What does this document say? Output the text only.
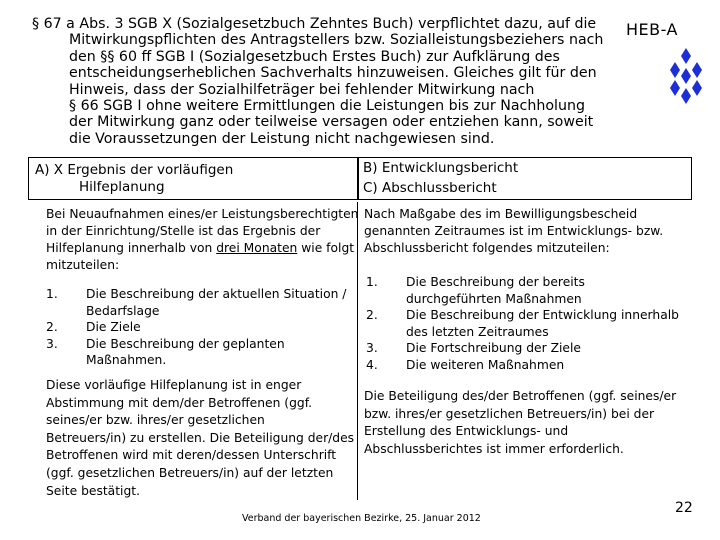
§ 67 a Abs. 3 SGB X (Sozialgesetzbuch Zehntes Buch) verpflichtet dazu, auf die
Mitwirkungspflichten des Antragstellers bzw. Sozialleistungsbeziehers nach
den §§ 60 ff SGB I (Sozialgesetzbuch Erstes Buch) zur Aufklärung des
entscheidungserheblichen Sachverhalts hinzuweisen. Gleiches gilt für den
Hinweis, dass der Sozialhilfeträger bei fehlender Mitwirkung nach
§ 66 SGB I ohne weitere Ermittlungen die Leistungen bis zur Nachholung
der Mitwirkung ganz oder teilweise versagen oder entziehen kann, soweit
die Voraussetzungen der Leistung nicht nachgewiesen sind.
HEB-A
A) X Ergebnis der vorläufigen
Hilfeplanung
B) Entwicklungsbericht
C) Abschlussbericht
Bei Neuaufnahmen eines/er Leistungsberechtigten
in der Einrichtung/Stelle ist das Ergebnis der
Hilfeplanung innerhalb von drei Monaten wie folgt
mitzuteilen:
1.	Die Beschreibung der aktuellen Situation /
Bedarfslage
2.	Die Ziele
3.	Die Beschreibung der geplanten
Maßnahmen.
Diese vorläufige Hilfeplanung ist in enger
Abstimmung mit dem/der Betroffenen (ggf.
seines/er bzw. ihres/er gesetzlichen
Betreuers/in) zu erstellen. Die Beteiligung der/des
Betroffenen wird mit deren/dessen Unterschrift
(ggf. gesetzlichen Betreuers/in) auf der letzten
Seite bestätigt.
Nach Maßgabe des im Bewilligungsbescheid
genannten Zeitraumes ist im Entwicklungs- bzw.
Abschlussbericht folgendes mitzuteilen:
1.	Die Beschreibung der bereits
durchgeführten Maßnahmen
2.	Die Beschreibung der Entwicklung innerhalb
des letzten Zeitraumes
3.	Die Fortschreibung der Ziele
4.	Die weiteren Maßnahmen
Die Beteiligung des/der Betroffenen (ggf. seines/er
bzw. ihres/er gesetzlichen Betreuers/in) bei der
Erstellung des Entwicklungs- und
Abschlussberichtes ist immer erforderlich.
Verband der bayerischen Bezirke, 25. Januar 2012
22
